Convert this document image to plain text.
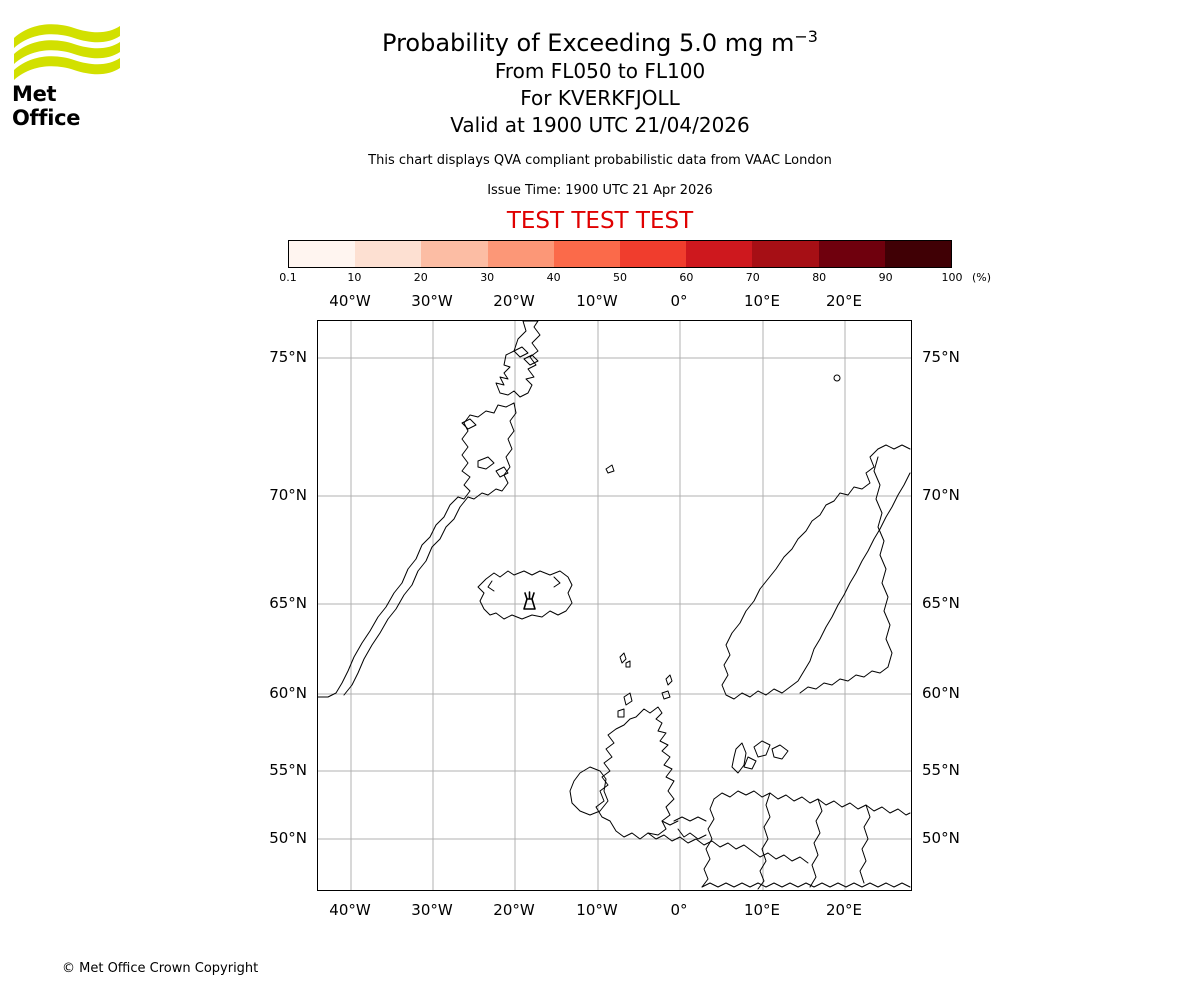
Met Office
Probability of Exceeding 5.0 mg $m^{-3}$
From FL050 to FL100
For KVERKFJOLL
Valid at 1900 UTC 21/04/2026
This chart displays QVA compliant probabilistic data from VAAC London
Issue Time: 1900 UTC 21 Apr 2026
TEST TEST TEST
0.1	10	20	30	40	50	60	70	80	90	100 (%)
40°W	30°W	20°W	10°W	0°	10°E	20°E
40°W	30°W	20°W	10°W	0°	10°E	20°E
75°N
70°N
65°N
60°N
55°N
50°N
75°N
70°N
65°N
60°N
55°N
50°N
© Met Office Crown Copyright
